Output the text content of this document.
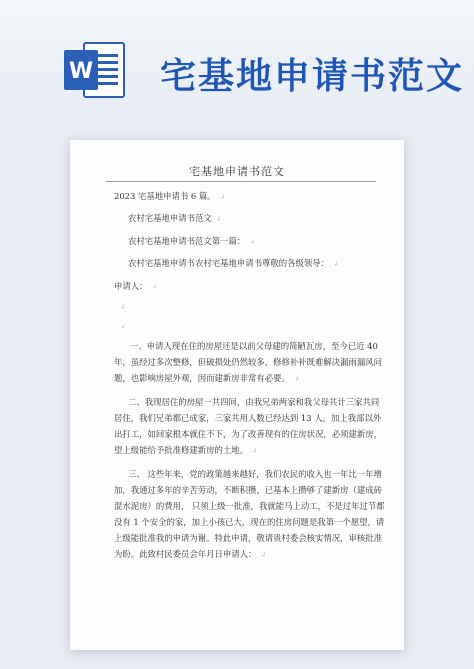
W 宅基地申请书范文
宅基地申请书范文
2023 宅基地申请书 6 篇。 ↲
农村宅基地申请书范文 ↲
农村宅基地申请书范文第一篇： ↲
农村宅基地申请书农村宅基地申请书尊敬的各级领导： ↲
申请人： ↲
↲
↲
一、申请人现在住的房屋还是以前父母建的简陋瓦房，至今已近 40
年，虽经过多次整修，但破损处仍然较多，修修补补既难解决漏雨漏风问
题，也影响房屋外观，因而建新房非常有必要。 ↲
二、我现居住的房屋一共四间，由我兄弟两家和我父母共计三家共同
居住，我们兄弟都已成家，三家共用人数已经达到 13 人，加上我部以外
出打工，如回家根本就住不下，为了改善现有的住房状况，必须建新房，
望上级能给予批准修建新房的土地。 ↲
三、 这些年来，党的政策越来越好，我们农民的收入也一年比一年增
加，我通过多年的辛苦劳动，不断积攒，已基本上攒够了建新房（建成砖
混水泥房）的费用， 只须上级一批准，我就能马上动工，不是过年过节都
没有 1 个安全的家，加上小孩已大，现在的住房问题是我第一个愿望，请
上级能批准我的申请为谢。特此申请，敬请贵村委会核实情况，审核批准
为盼。此致村民委员会年月日申请人： ↲
